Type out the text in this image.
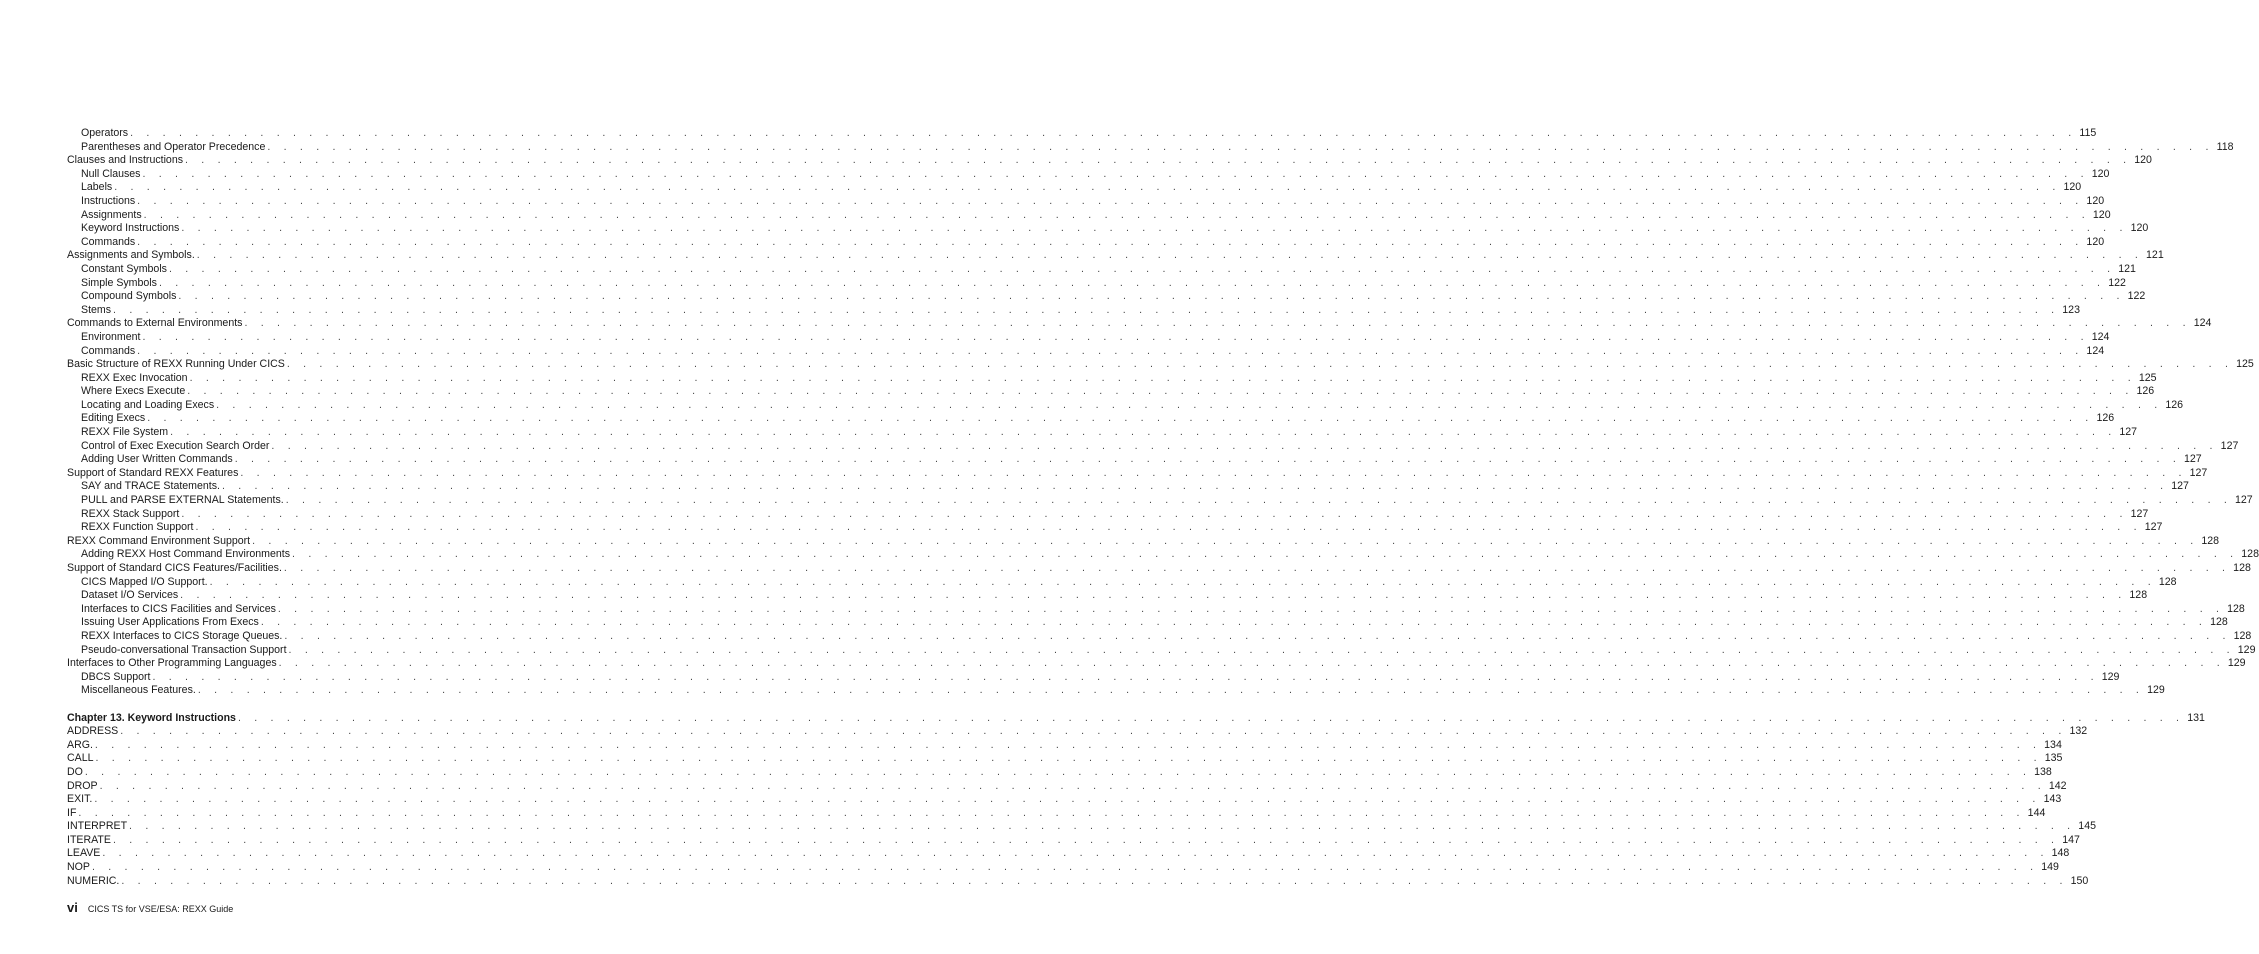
Operators . . . . . . . . . . . . . . . . . . . . . . . . . . . . . . . . . . . . . . . . . . . . . . . . . . . . . . . . . . . . . . . . . . . . . . . . . . . . . . . . . . . . . . . . . . . . . . . . . . . . . . . . . . . . . . . . . . . . . . . . 115
Parentheses and Operator Precedence . . . . . . . . . . . . . . . . . . . . . . . . . . . . . . . . . . . . . . . . . . . . . . . . . . . . . . . . . . . . . . . . . . . . . . . . . . . . . . . . . . . . . . . . . . . . . . . . . . . . . . . . . . . . . . . . . . . . . . . . 118
Clauses and Instructions . . . . . . . . . . . . . . . . . . . . . . . . . . . . . . . . . . . . . . . . . . . . . . . . . . . . . . . . . . . . . . . . . . . . . . . . . . . . . . . . . . . . . . . . . . . . . . . . . . . . . . . . . . . . . . . . . . . . . . . . 120
Null Clauses . . . . . . . . . . . . . . . . . . . . . . . . . . . . . . . . . . . . . . . . . . . . . . . . . . . . . . . . . . . . . . . . . . . . . . . . . . . . . . . . . . . . . . . . . . . . . . . . . . . . . . . . . . . . . . . . . . . . . . . . 120
Labels . . . . . . . . . . . . . . . . . . . . . . . . . . . . . . . . . . . . . . . . . . . . . . . . . . . . . . . . . . . . . . . . . . . . . . . . . . . . . . . . . . . . . . . . . . . . . . . . . . . . . . . . . . . . . . . . . . . . . . . . 120
Instructions . . . . . . . . . . . . . . . . . . . . . . . . . . . . . . . . . . . . . . . . . . . . . . . . . . . . . . . . . . . . . . . . . . . . . . . . . . . . . . . . . . . . . . . . . . . . . . . . . . . . . . . . . . . . . . . . . . . . . . . . 120
Assignments . . . . . . . . . . . . . . . . . . . . . . . . . . . . . . . . . . . . . . . . . . . . . . . . . . . . . . . . . . . . . . . . . . . . . . . . . . . . . . . . . . . . . . . . . . . . . . . . . . . . . . . . . . . . . . . . . . . . . . . . 120
Keyword Instructions . . . . . . . . . . . . . . . . . . . . . . . . . . . . . . . . . . . . . . . . . . . . . . . . . . . . . . . . . . . . . . . . . . . . . . . . . . . . . . . . . . . . . . . . . . . . . . . . . . . . . . . . . . . . . . . . . . . . . . . . 120
Commands . . . . . . . . . . . . . . . . . . . . . . . . . . . . . . . . . . . . . . . . . . . . . . . . . . . . . . . . . . . . . . . . . . . . . . . . . . . . . . . . . . . . . . . . . . . . . . . . . . . . . . . . . . . . . . . . . . . . . . . . 120
Assignments and Symbols. . . . . . . . . . . . . . . . . . . . . . . . . . . . . . . . . . . . . . . . . . . . . . . . . . . . . . . . . . . . . . . . . . . . . . . . . . . . . . . . . . . . . . . . . . . . . . . . . . . . . . . . . . . . . . . . . . . . . . . . . 121
Constant Symbols . . . . . . . . . . . . . . . . . . . . . . . . . . . . . . . . . . . . . . . . . . . . . . . . . . . . . . . . . . . . . . . . . . . . . . . . . . . . . . . . . . . . . . . . . . . . . . . . . . . . . . . . . . . . . . . . . . . . . . . . 121
Simple Symbols . . . . . . . . . . . . . . . . . . . . . . . . . . . . . . . . . . . . . . . . . . . . . . . . . . . . . . . . . . . . . . . . . . . . . . . . . . . . . . . . . . . . . . . . . . . . . . . . . . . . . . . . . . . . . . . . . . . . . . . . 122
Compound Symbols . . . . . . . . . . . . . . . . . . . . . . . . . . . . . . . . . . . . . . . . . . . . . . . . . . . . . . . . . . . . . . . . . . . . . . . . . . . . . . . . . . . . . . . . . . . . . . . . . . . . . . . . . . . . . . . . . . . . . . . . 122
Stems . . . . . . . . . . . . . . . . . . . . . . . . . . . . . . . . . . . . . . . . . . . . . . . . . . . . . . . . . . . . . . . . . . . . . . . . . . . . . . . . . . . . . . . . . . . . . . . . . . . . . . . . . . . . . . . . . . . . . . . . 123
Commands to External Environments . . . . . . . . . . . . . . . . . . . . . . . . . . . . . . . . . . . . . . . . . . . . . . . . . . . . . . . . . . . . . . . . . . . . . . . . . . . . . . . . . . . . . . . . . . . . . . . . . . . . . . . . . . . . . . . . . . . . . . . . 124
Environment . . . . . . . . . . . . . . . . . . . . . . . . . . . . . . . . . . . . . . . . . . . . . . . . . . . . . . . . . . . . . . . . . . . . . . . . . . . . . . . . . . . . . . . . . . . . . . . . . . . . . . . . . . . . . . . . . . . . . . . . 124
Commands . . . . . . . . . . . . . . . . . . . . . . . . . . . . . . . . . . . . . . . . . . . . . . . . . . . . . . . . . . . . . . . . . . . . . . . . . . . . . . . . . . . . . . . . . . . . . . . . . . . . . . . . . . . . . . . . . . . . . . . . 124
Basic Structure of REXX Running Under CICS . . . . . . . . . . . . . . . . . . . . . . . . . . . . . . . . . . . . . . . . . . . . . . . . . . . . . . . . . . . . . . . . . . . . . . . . . . . . . . . . . . . . . . . . . . . . . . . . . . . . . . . . . . . . . . . . . . . . . . . . 125
REXX Exec Invocation . . . . . . . . . . . . . . . . . . . . . . . . . . . . . . . . . . . . . . . . . . . . . . . . . . . . . . . . . . . . . . . . . . . . . . . . . . . . . . . . . . . . . . . . . . . . . . . . . . . . . . . . . . . . . . . . . . . . . . . . 125
Where Execs Execute . . . . . . . . . . . . . . . . . . . . . . . . . . . . . . . . . . . . . . . . . . . . . . . . . . . . . . . . . . . . . . . . . . . . . . . . . . . . . . . . . . . . . . . . . . . . . . . . . . . . . . . . . . . . . . . . . . . . . . . . 126
Locating and Loading Execs . . . . . . . . . . . . . . . . . . . . . . . . . . . . . . . . . . . . . . . . . . . . . . . . . . . . . . . . . . . . . . . . . . . . . . . . . . . . . . . . . . . . . . . . . . . . . . . . . . . . . . . . . . . . . . . . . . . . . . . . 126
Editing Execs . . . . . . . . . . . . . . . . . . . . . . . . . . . . . . . . . . . . . . . . . . . . . . . . . . . . . . . . . . . . . . . . . . . . . . . . . . . . . . . . . . . . . . . . . . . . . . . . . . . . . . . . . . . . . . . . . . . . . . . . 126
REXX File System . . . . . . . . . . . . . . . . . . . . . . . . . . . . . . . . . . . . . . . . . . . . . . . . . . . . . . . . . . . . . . . . . . . . . . . . . . . . . . . . . . . . . . . . . . . . . . . . . . . . . . . . . . . . . . . . . . . . . . . . 127
Control of Exec Execution Search Order . . . . . . . . . . . . . . . . . . . . . . . . . . . . . . . . . . . . . . . . . . . . . . . . . . . . . . . . . . . . . . . . . . . . . . . . . . . . . . . . . . . . . . . . . . . . . . . . . . . . . . . . . . . . . . . . . . . . . . . . 127
Adding User Written Commands . . . . . . . . . . . . . . . . . . . . . . . . . . . . . . . . . . . . . . . . . . . . . . . . . . . . . . . . . . . . . . . . . . . . . . . . . . . . . . . . . . . . . . . . . . . . . . . . . . . . . . . . . . . . . . . . . . . . . . . . 127
Support of Standard REXX Features . . . . . . . . . . . . . . . . . . . . . . . . . . . . . . . . . . . . . . . . . . . . . . . . . . . . . . . . . . . . . . . . . . . . . . . . . . . . . . . . . . . . . . . . . . . . . . . . . . . . . . . . . . . . . . . . . . . . . . . . 127
SAY and TRACE Statements. . . . . . . . . . . . . . . . . . . . . . . . . . . . . . . . . . . . . . . . . . . . . . . . . . . . . . . . . . . . . . . . . . . . . . . . . . . . . . . . . . . . . . . . . . . . . . . . . . . . . . . . . . . . . . . . . . . . . . . . . 127
PULL and PARSE EXTERNAL Statements. . . . . . . . . . . . . . . . . . . . . . . . . . . . . . . . . . . . . . . . . . . . . . . . . . . . . . . . . . . . . . . . . . . . . . . . . . . . . . . . . . . . . . . . . . . . . . . . . . . . . . . . . . . . . . . . . . . . . . . . . 127
REXX Stack Support . . . . . . . . . . . . . . . . . . . . . . . . . . . . . . . . . . . . . . . . . . . . . . . . . . . . . . . . . . . . . . . . . . . . . . . . . . . . . . . . . . . . . . . . . . . . . . . . . . . . . . . . . . . . . . . . . . . . . . . . 127
REXX Function Support . . . . . . . . . . . . . . . . . . . . . . . . . . . . . . . . . . . . . . . . . . . . . . . . . . . . . . . . . . . . . . . . . . . . . . . . . . . . . . . . . . . . . . . . . . . . . . . . . . . . . . . . . . . . . . . . . . . . . . . . 127
REXX Command Environment Support . . . . . . . . . . . . . . . . . . . . . . . . . . . . . . . . . . . . . . . . . . . . . . . . . . . . . . . . . . . . . . . . . . . . . . . . . . . . . . . . . . . . . . . . . . . . . . . . . . . . . . . . . . . . . . . . . . . . . . . . 128
Adding REXX Host Command Environments . . . . . . . . . . . . . . . . . . . . . . . . . . . . . . . . . . . . . . . . . . . . . . . . . . . . . . . . . . . . . . . . . . . . . . . . . . . . . . . . . . . . . . . . . . . . . . . . . . . . . . . . . . . . . . . . . . . . . . . . 128
Support of Standard CICS Features/Facilities. . . . . . . . . . . . . . . . . . . . . . . . . . . . . . . . . . . . . . . . . . . . . . . . . . . . . . . . . . . . . . . . . . . . . . . . . . . . . . . . . . . . . . . . . . . . . . . . . . . . . . . . . . . . . . . . . . . . . . . . . 128
CICS Mapped I/O Support. . . . . . . . . . . . . . . . . . . . . . . . . . . . . . . . . . . . . . . . . . . . . . . . . . . . . . . . . . . . . . . . . . . . . . . . . . . . . . . . . . . . . . . . . . . . . . . . . . . . . . . . . . . . . . . . . . . . . . . . . 128
Dataset I/O Services . . . . . . . . . . . . . . . . . . . . . . . . . . . . . . . . . . . . . . . . . . . . . . . . . . . . . . . . . . . . . . . . . . . . . . . . . . . . . . . . . . . . . . . . . . . . . . . . . . . . . . . . . . . . . . . . . . . . . . . . 128
Interfaces to CICS Facilities and Services . . . . . . . . . . . . . . . . . . . . . . . . . . . . . . . . . . . . . . . . . . . . . . . . . . . . . . . . . . . . . . . . . . . . . . . . . . . . . . . . . . . . . . . . . . . . . . . . . . . . . . . . . . . . . . . . . . . . . . . . 128
Issuing User Applications From Execs . . . . . . . . . . . . . . . . . . . . . . . . . . . . . . . . . . . . . . . . . . . . . . . . . . . . . . . . . . . . . . . . . . . . . . . . . . . . . . . . . . . . . . . . . . . . . . . . . . . . . . . . . . . . . . . . . . . . . . . . 128
REXX Interfaces to CICS Storage Queues. . . . . . . . . . . . . . . . . . . . . . . . . . . . . . . . . . . . . . . . . . . . . . . . . . . . . . . . . . . . . . . . . . . . . . . . . . . . . . . . . . . . . . . . . . . . . . . . . . . . . . . . . . . . . . . . . . . . . . . . . 128
Pseudo-conversational Transaction Support . . . . . . . . . . . . . . . . . . . . . . . . . . . . . . . . . . . . . . . . . . . . . . . . . . . . . . . . . . . . . . . . . . . . . . . . . . . . . . . . . . . . . . . . . . . . . . . . . . . . . . . . . . . . . . . . . . . . . . . . 129
Interfaces to Other Programming Languages . . . . . . . . . . . . . . . . . . . . . . . . . . . . . . . . . . . . . . . . . . . . . . . . . . . . . . . . . . . . . . . . . . . . . . . . . . . . . . . . . . . . . . . . . . . . . . . . . . . . . . . . . . . . . . . . . . . . . . . . 129
DBCS Support . . . . . . . . . . . . . . . . . . . . . . . . . . . . . . . . . . . . . . . . . . . . . . . . . . . . . . . . . . . . . . . . . . . . . . . . . . . . . . . . . . . . . . . . . . . . . . . . . . . . . . . . . . . . . . . . . . . . . . . . 129
Miscellaneous Features. . . . . . . . . . . . . . . . . . . . . . . . . . . . . . . . . . . . . . . . . . . . . . . . . . . . . . . . . . . . . . . . . . . . . . . . . . . . . . . . . . . . . . . . . . . . . . . . . . . . . . . . . . . . . . . . . . . . . . . . . 129
Chapter 13. Keyword Instructions . . . . . . . . . . . . . . . . . . . . . . . . . . . . . . . . . . . . . . . . . . . . . . . . . . . . . . . . . . . . . . . . . . . . . . . . . . . . . . . . . . . . . . . . . . . . . . . . . . . . . . . . . . . . . . . . . . . . . . . . 131
ADDRESS . . . . . . . . . . . . . . . . . . . . . . . . . . . . . . . . . . . . . . . . . . . . . . . . . . . . . . . . . . . . . . . . . . . . . . . . . . . . . . . . . . . . . . . . . . . . . . . . . . . . . . . . . . . . . . . . . . . . . . . . 132
ARG. . . . . . . . . . . . . . . . . . . . . . . . . . . . . . . . . . . . . . . . . . . . . . . . . . . . . . . . . . . . . . . . . . . . . . . . . . . . . . . . . . . . . . . . . . . . . . . . . . . . . . . . . . . . . . . . . . . . . . . . . 134
CALL . . . . . . . . . . . . . . . . . . . . . . . . . . . . . . . . . . . . . . . . . . . . . . . . . . . . . . . . . . . . . . . . . . . . . . . . . . . . . . . . . . . . . . . . . . . . . . . . . . . . . . . . . . . . . . . . . . . . . . . . 135
DO . . . . . . . . . . . . . . . . . . . . . . . . . . . . . . . . . . . . . . . . . . . . . . . . . . . . . . . . . . . . . . . . . . . . . . . . . . . . . . . . . . . . . . . . . . . . . . . . . . . . . . . . . . . . . . . . . . . . . . . . 138
DROP . . . . . . . . . . . . . . . . . . . . . . . . . . . . . . . . . . . . . . . . . . . . . . . . . . . . . . . . . . . . . . . . . . . . . . . . . . . . . . . . . . . . . . . . . . . . . . . . . . . . . . . . . . . . . . . . . . . . . . . . 142
EXIT. . . . . . . . . . . . . . . . . . . . . . . . . . . . . . . . . . . . . . . . . . . . . . . . . . . . . . . . . . . . . . . . . . . . . . . . . . . . . . . . . . . . . . . . . . . . . . . . . . . . . . . . . . . . . . . . . . . . . . . . . 143
IF . . . . . . . . . . . . . . . . . . . . . . . . . . . . . . . . . . . . . . . . . . . . . . . . . . . . . . . . . . . . . . . . . . . . . . . . . . . . . . . . . . . . . . . . . . . . . . . . . . . . . . . . . . . . . . . . . . . . . . . . 144
INTERPRET . . . . . . . . . . . . . . . . . . . . . . . . . . . . . . . . . . . . . . . . . . . . . . . . . . . . . . . . . . . . . . . . . . . . . . . . . . . . . . . . . . . . . . . . . . . . . . . . . . . . . . . . . . . . . . . . . . . . . . . . 145
ITERATE . . . . . . . . . . . . . . . . . . . . . . . . . . . . . . . . . . . . . . . . . . . . . . . . . . . . . . . . . . . . . . . . . . . . . . . . . . . . . . . . . . . . . . . . . . . . . . . . . . . . . . . . . . . . . . . . . . . . . . . . 147
LEAVE . . . . . . . . . . . . . . . . . . . . . . . . . . . . . . . . . . . . . . . . . . . . . . . . . . . . . . . . . . . . . . . . . . . . . . . . . . . . . . . . . . . . . . . . . . . . . . . . . . . . . . . . . . . . . . . . . . . . . . . . 148
NOP . . . . . . . . . . . . . . . . . . . . . . . . . . . . . . . . . . . . . . . . . . . . . . . . . . . . . . . . . . . . . . . . . . . . . . . . . . . . . . . . . . . . . . . . . . . . . . . . . . . . . . . . . . . . . . . . . . . . . . . . 149
NUMERIC. . . . . . . . . . . . . . . . . . . . . . . . . . . . . . . . . . . . . . . . . . . . . . . . . . . . . . . . . . . . . . . . . . . . . . . . . . . . . . . . . . . . . . . . . . . . . . . . . . . . . . . . . . . . . . . . . . . . . . . . . 150
vi CICS TS for VSE/ESA: REXX Guide
